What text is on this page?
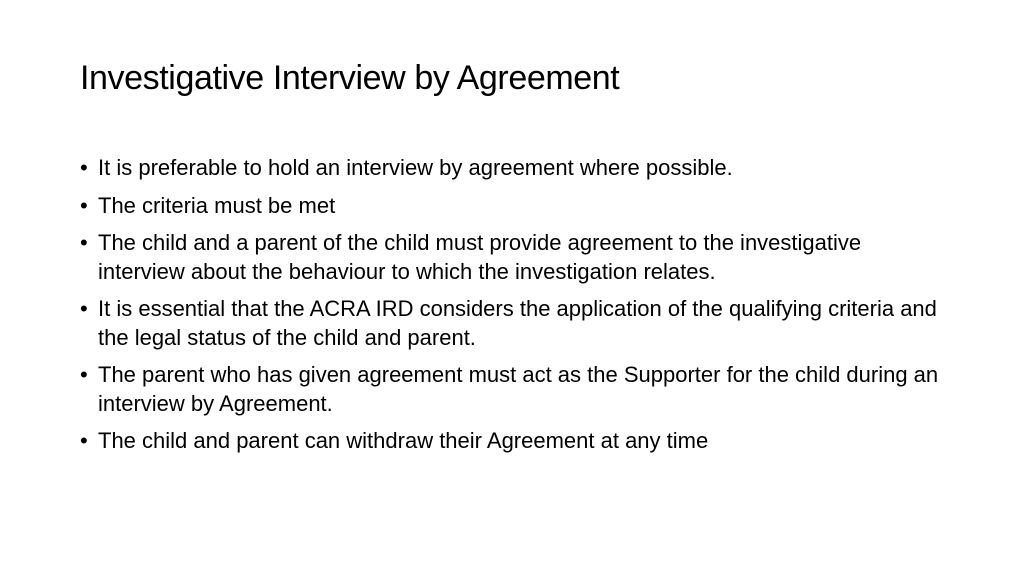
Investigative Interview by Agreement
• It is preferable to hold an interview by agreement where possible.
• The criteria must be met
• The child and a parent of the child must provide agreement to the investigative interview about the behaviour to which the investigation relates.
• It is essential that the ACRA IRD considers the application of the qualifying criteria and the legal status of the child and parent.
• The parent who has given agreement must act as the Supporter for the child during an interview by Agreement.
• The child and parent can withdraw their Agreement at any time
